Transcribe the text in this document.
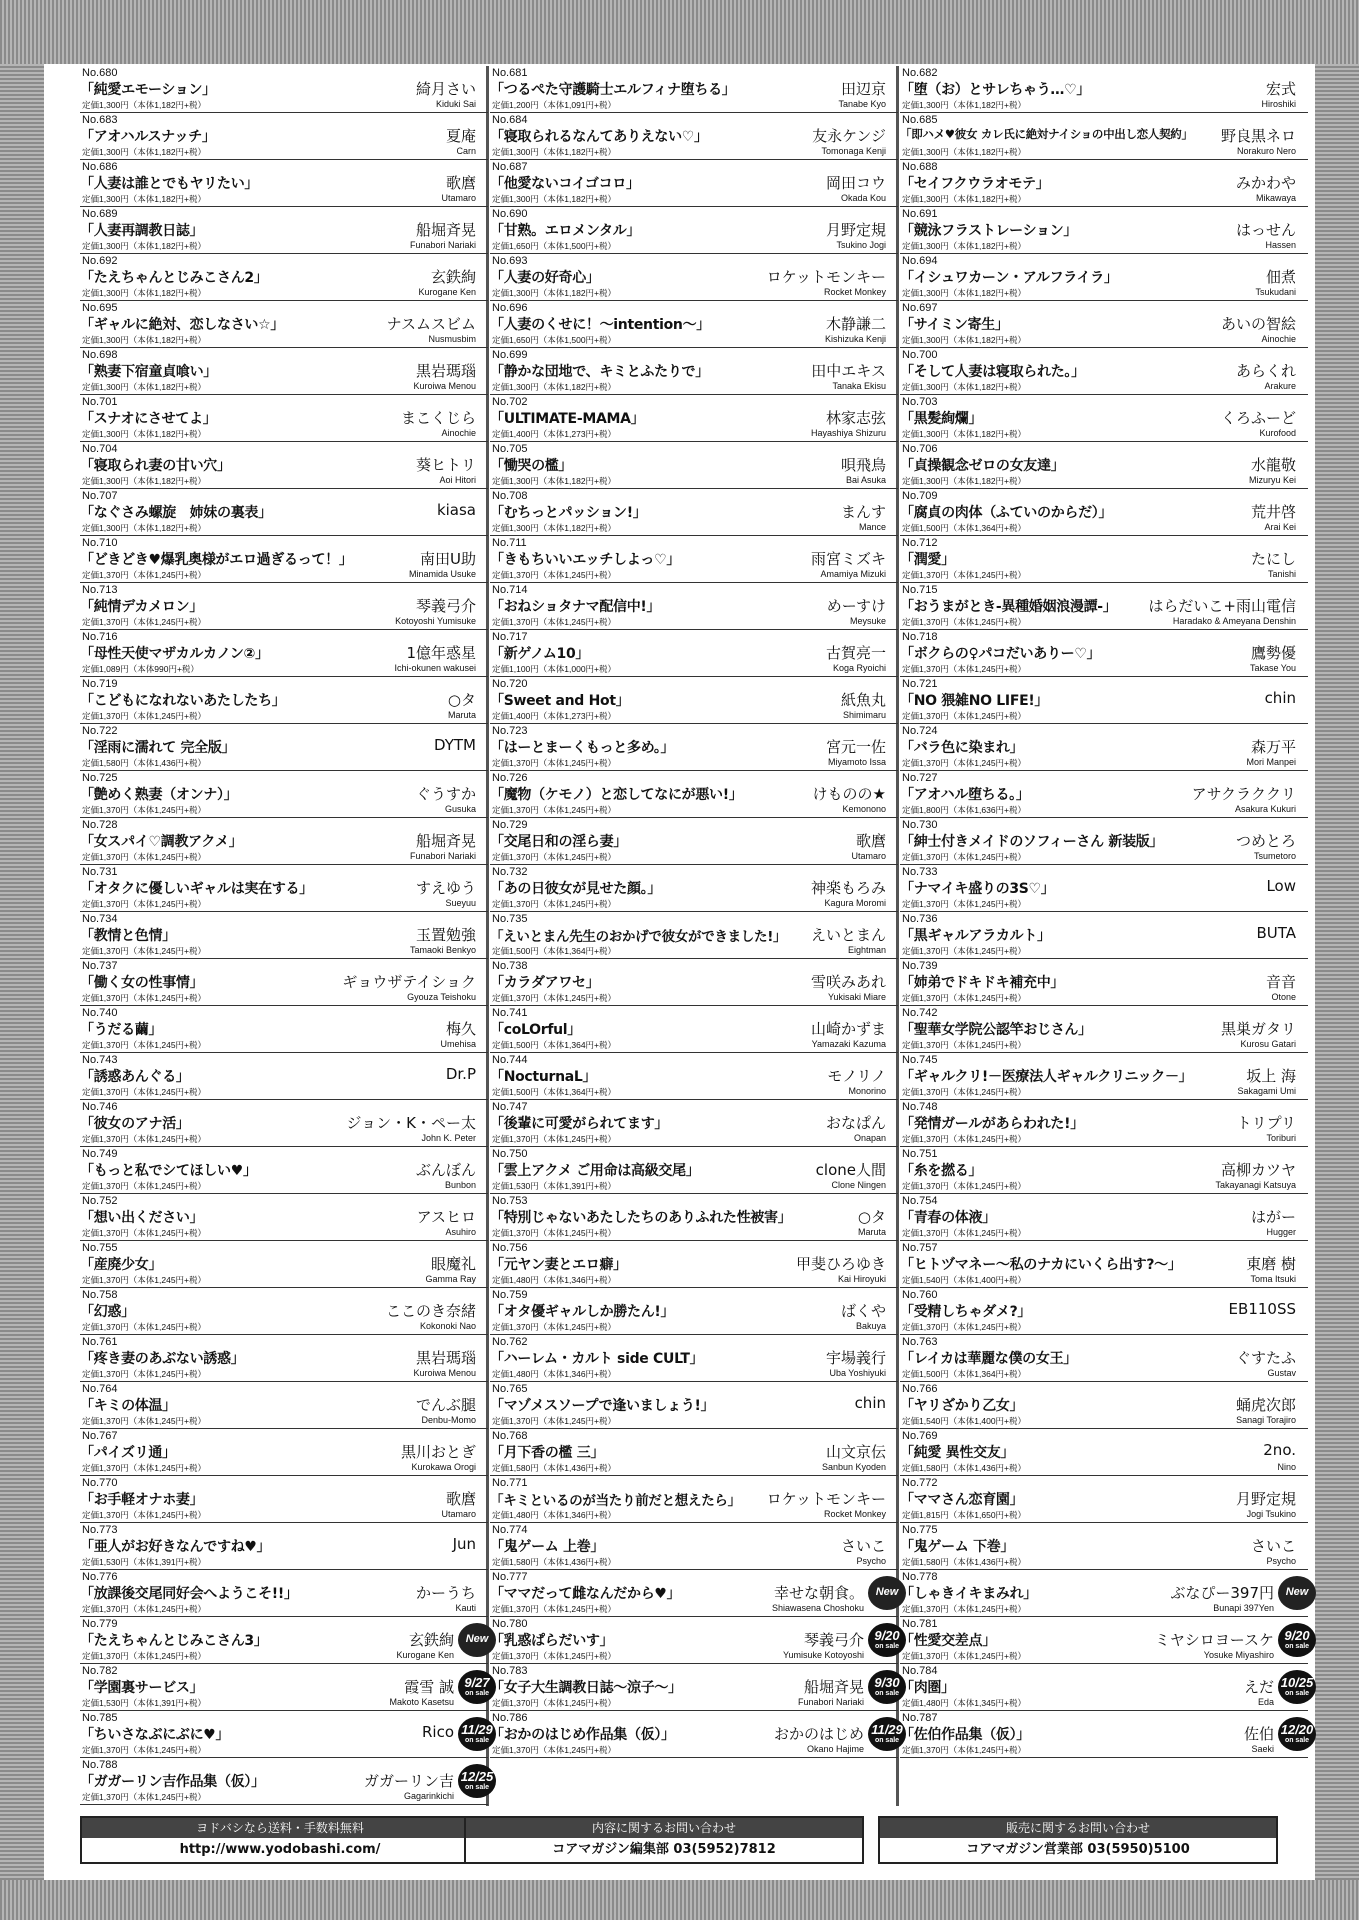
No.680
「純愛エモーション」
定価1,300円（本体1,182円+税）
綺月さい
Kiduki Sai
No.683
「アオハルスナッチ」
定価1,300円（本体1,182円+税）
夏庵
Carn
No.686
「人妻は誰とでもヤリたい」
定価1,300円（本体1,182円+税）
歌麿
Utamaro
No.689
「人妻再調教日誌」
定価1,300円（本体1,182円+税）
船堀斉晃
Funabori Nariaki
No.692
「たえちゃんとじみこさん2」
定価1,300円（本体1,182円+税）
玄鉄絢
Kurogane Ken
No.695
「ギャルに絶対、恋しなさい☆」
定価1,300円（本体1,182円+税）
ナスムスビム
Nusmusbim
No.698
「熟妻下宿童貞喰い」
定価1,300円（本体1,182円+税）
黒岩瑪瑙
Kuroiwa Menou
No.701
「スナオにさせてよ」
定価1,300円（本体1,182円+税）
まこくじら
Ainochie
No.704
「寝取られ妻の甘い穴」
定価1,300円（本体1,182円+税）
葵ヒトリ
Aoi Hitori
No.707
「なぐさみ螺旋　姉妹の裏表」
定価1,300円（本体1,182円+税）
kiasa
No.710
「どきどき♥爆乳奥様がエロ過ぎるって！」
定価1,370円（本体1,245円+税）
南田U助
Minamida Usuke
No.713
「純情デカメロン」
定価1,370円（本体1,245円+税）
琴義弓介
Kotoyoshi Yumisuke
No.716
「母性天使マザカルカノン②」
定価1,089円（本体990円+税）
1億年惑星
Ichi-okunen wakusei
No.719
「こどもになれないあたしたち」
定価1,370円（本体1,245円+税）
○タ
Maruta
No.722
「淫雨に濡れて 完全版」
定価1,580円（本体1,436円+税）
DYTM
No.725
「艶めく熟妻（オンナ）」
定価1,370円（本体1,245円+税）
ぐうすか
Gusuka
No.728
「女スパイ♡調教アクメ」
定価1,370円（本体1,245円+税）
船堀斉晃
Funabori Nariaki
No.731
「オタクに優しいギャルは実在する」
定価1,370円（本体1,245円+税）
すえゆう
Sueyuu
No.734
「教情と色情」
定価1,370円（本体1,245円+税）
玉置勉強
Tamaoki Benkyo
No.737
「働く女の性事情」
定価1,370円（本体1,245円+税）
ギョウザテイショク
Gyouza Teishoku
No.740
「うだる繭」
定価1,370円（本体1,245円+税）
梅久
Umehisa
No.743
「誘惑あんぐる」
定価1,370円（本体1,245円+税）
Dr.P
No.746
「彼女のアナ活」
定価1,370円（本体1,245円+税）
ジョン・K・ペー太
John K. Peter
No.749
「もっと私でシてほしい♥」
定価1,370円（本体1,245円+税）
ぶんぼん
Bunbon
No.752
「想い出ください」
定価1,370円（本体1,245円+税）
アスヒロ
Asuhiro
No.755
「産廃少女」
定価1,370円（本体1,245円+税）
眼魔礼
Gamma Ray
No.758
「幻惑」
定価1,370円（本体1,245円+税）
ここのき奈緒
Kokonoki Nao
No.761
「疼き妻のあぶない誘惑」
定価1,370円（本体1,245円+税）
黒岩瑪瑙
Kuroiwa Menou
No.764
「キミの体温」
定価1,370円（本体1,245円+税）
でんぶ腿
Denbu-Momo
No.767
「パイズリ通」
定価1,370円（本体1,245円+税）
黒川おとぎ
Kurokawa Orogi
No.770
「お手軽オナホ妻」
定価1,370円（本体1,245円+税）
歌麿
Utamaro
No.773
「亜人がお好きなんですね♥」
定価1,530円（本体1,391円+税）
Jun
No.776
「放課後交尾同好会へようこそ!!」
定価1,370円（本体1,245円+税）
かーうち
Kauti
No.779
「たえちゃんとじみこさん3」
定価1,370円（本体1,245円+税）
玄鉄絢
Kurogane Ken
New
No.782
「学園裏サービス」
定価1,530円（本体1,391円+税）
霞雪 誠
Makoto Kasetsu
9/27
on sale
No.785
「ちいさなぶにぶに♥」
定価1,370円（本体1,245円+税）
Rico 11/29
on sale
No.788
「ガガーリン吉作品集（仮）」
定価1,370円（本体1,245円+税）
ガガーリン吉
Gagarinkichi
12/25
on sale
No.681
「つるぺた守護騎士エルフィナ堕ちる」
定価1,200円（本体1,091円+税）
田辺京
Tanabe Kyo
No.684
「寝取られるなんてありえない♡」
定価1,300円（本体1,182円+税）
友永ケンジ
Tomonaga Kenji
No.687
「他愛ないコイゴコロ」
定価1,300円（本体1,182円+税）
岡田コウ
Okada Kou
No.690
「甘熟。エロメンタル」
定価1,650円（本体1,500円+税）
月野定規
Tsukino Jogi
No.693
「人妻の好奇心」
定価1,300円（本体1,182円+税）
ロケットモンキー
Rocket Monkey
No.696
「人妻のくせに！～intention～」
定価1,650円（本体1,500円+税）
木静謙二
Kishizuka Kenji
No.699
「静かな団地で、キミとふたりで」
定価1,300円（本体1,182円+税）
田中エキス
Tanaka Ekisu
No.702
「ULTIMATE-MAMA」
定価1,400円（本体1,273円+税）
林家志弦
Hayashiya Shizuru
No.705
「慟哭の檻」
定価1,300円（本体1,182円+税）
唄飛鳥
Bai Asuka
No.708
「むちっとパッション!」
定価1,300円（本体1,182円+税）
まんす
Mance
No.711
「きもちいいエッチしよっ♡」
定価1,370円（本体1,245円+税）
雨宮ミズキ
Amamiya Mizuki
No.714
「おねショタナマ配信中!」
定価1,370円（本体1,245円+税）
めーすけ
Meysuke
No.717
「新ゲノム10」
定価1,100円（本体1,000円+税）
古賀亮一
Koga Ryoichi
No.720
「Sweet and Hot」
定価1,400円（本体1,273円+税）
紙魚丸
Shimimaru
No.723
「はーとまーくもっと多め。」
定価1,370円（本体1,245円+税）
宮元一佐
Miyamoto Issa
No.726
「魔物（ケモノ）と恋してなにが悪い!」
定価1,370円（本体1,245円+税）
けものの★
Kemonono
No.729
「交尾日和の淫ら妻」
定価1,370円（本体1,245円+税）
歌麿
Utamaro
No.732
「あの日彼女が見せた顔。」
定価1,370円（本体1,245円+税）
神楽もろみ
Kagura Moromi
No.735
「えいとまん先生のおかげで彼女ができました!」
定価1,500円（本体1,364円+税）
えいとまん
Eightman
No.738
「カラダアワセ」
定価1,370円（本体1,245円+税）
雪咲みあれ
Yukisaki Miare
No.741
「coLOrful」
定価1,500円（本体1,364円+税）
山崎かずま
Yamazaki Kazuma
No.744
「NocturnaL」
定価1,500円（本体1,364円+税）
モノリノ
Monorino
No.747
「後輩に可愛がられてます」
定価1,370円（本体1,245円+税）
おなぱん
Onapan
No.750
「雲上アクメ ご用命は高級交尾」
定価1,530円（本体1,391円+税）
clone人間
Clone Ningen
No.753
「特別じゃないあたしたちのありふれた性被害」
定価1,370円（本体1,245円+税）
○タ
Maruta
No.756
「元ヤン妻とエロ癖」
定価1,480円（本体1,346円+税）
甲斐ひろゆき
Kai Hiroyuki
No.759
「オタ優ギャルしか勝たん!」
定価1,370円（本体1,245円+税）
ばくや
Bakuya
No.762
「ハーレム・カルト side CULT」
定価1,480円（本体1,346円+税）
宇場義行
Uba Yoshiyuki
No.765
「マゾメスソープで逢いましょう!」
定価1,370円（本体1,245円+税）
chin
No.768
「月下香の檻 三」
定価1,580円（本体1,436円+税）
山文京伝
Sanbun Kyoden
No.771
「キミといるのが当たり前だと想えたら」
定価1,480円（本体1,346円+税）
ロケットモンキー
Rocket Monkey
No.774
「鬼ゲーム 上巻」
定価1,580円（本体1,436円+税）
さいこ
Psycho
No.777
「ママだって雌なんだから♥」
定価1,370円（本体1,245円+税）
幸せな朝食。
Shiawasena Choshoku
New
No.780
「乳惑ぱらだいす」
定価1,370円（本体1,245円+税）
琴義弓介
Yumisuke Kotoyoshi
9/20
on sale
No.783
「女子大生調教日誌～涼子～」
定価1,370円（本体1,245円+税）
船堀斉晃
Funabori Nariaki
9/30
on sale
No.786
「おかのはじめ作品集（仮）」
定価1,370円（本体1,245円+税）
おかのはじめ
Okano Hajime
11/29
on sale
No.682
「堕（お）とサレちゃう…♡」
定価1,300円（本体1,182円+税）
宏式
Hiroshiki
No.685
「即ハメ♥彼女 カレ氏に絶対ナイショの中出し恋人契約」
定価1,300円（本体1,182円+税）
野良黒ネロ
Norakuro Nero
No.688
「セイフクウラオモテ」
定価1,300円（本体1,182円+税）
みかわや
Mikawaya
No.691
「競泳フラストレーション」
定価1,300円（本体1,182円+税）
はっせん
Hassen
No.694
「イシュワカーン・アルフライラ」
定価1,300円（本体1,182円+税）
佃煮
Tsukudani
No.697
「サイミン寄生」
定価1,300円（本体1,182円+税）
あいの智絵
Ainochie
No.700
「そして人妻は寝取られた。」
定価1,300円（本体1,182円+税）
あらくれ
Arakure
No.703
「黒髪絢爛」
定価1,300円（本体1,182円+税）
くろふーど
Kurofood
No.706
「貞操観念ゼロの女友達」
定価1,300円（本体1,182円+税）
水龍敬
Mizuryu Kei
No.709
「腐貞の肉体（ふていのからだ）」
定価1,500円（本体1,364円+税）
荒井啓
Arai Kei
No.712
「潤愛」
定価1,370円（本体1,245円+税）
たにし
Tanishi
No.715
「おうまがとき-異種婚姻浪漫譚-」
定価1,370円（本体1,245円+税）
はらだいこ+雨山電信
Haradako & Ameyana Denshin
No.718
「ボクらの♀パコだいありー♡」
定価1,370円（本体1,245円+税）
鷹勢優
Takase You
No.721
「NO 猥雑NO LIFE!」
定価1,370円（本体1,245円+税）
chin
No.724
「バラ色に染まれ」
定価1,370円（本体1,245円+税）
森万平
Mori Manpei
No.727
「アオハル堕ちる。」
定価1,800円（本体1,636円+税）
アサクラククリ
Asakura Kukuri
No.730
「紳士付きメイドのソフィーさん 新装版」
定価1,370円（本体1,245円+税）
つめとろ
Tsumetoro
No.733
「ナマイキ盛りの3S♡」
定価1,370円（本体1,245円+税）
Low
No.736
「黒ギャルアラカルト」
定価1,370円（本体1,245円+税）
BUTA
No.739
「姉弟でドキドキ補充中」
定価1,370円（本体1,245円+税）
音音
Otone
No.742
「聖華女学院公認竿おじさん」
定価1,370円（本体1,245円+税）
黒巣ガタリ
Kurosu Gatari
No.745
「ギャルクリ!－医療法人ギャルクリニック－」
定価1,370円（本体1,245円+税）
坂上 海
Sakagami Umi
No.748
「発情ガールがあらわれた!」
定価1,370円（本体1,245円+税）
トリプリ
Toriburi
No.751
「糸を撚る」
定価1,370円（本体1,245円+税）
高柳カツヤ
Takayanagi Katsuya
No.754
「青春の体液」
定価1,370円（本体1,245円+税）
はがー
Hugger
No.757
「ヒトヅマネー～私のナカにいくら出す?～」
定価1,540円（本体1,400円+税）
東磨 樹
Toma Itsuki
No.760
「受精しちゃダメ?」
定価1,370円（本体1,245円+税）
EB110SS
No.763
「レイカは華麗な僕の女王」
定価1,500円（本体1,364円+税）
ぐすたふ
Gustav
No.766
「ヤリざかり乙女」
定価1,540円（本体1,400円+税）
蛹虎次郎
Sanagi Torajiro
No.769
「純愛 異性交友」
定価1,580円（本体1,436円+税）
2no.
Nino
No.772
「ママさん恋育園」
定価1,815円（本体1,650円+税）
月野定規
Jogi Tsukino
No.775
「鬼ゲーム 下巻」
定価1,580円（本体1,436円+税）
さいこ
Psycho
No.778
「しゃきイキまみれ」
定価1,370円（本体1,245円+税）
ぶなぴー397円
Bunapi 397Yen
New
No.781
「性愛交差点」
定価1,370円（本体1,245円+税）
ミヤシロヨースケ
Yosuke Miyashiro
9/20
on sale
No.784
「肉圏」
定価1,480円（本体1,345円+税）
えだ
Eda
10/25
on sale
No.787
「佐伯作品集（仮）」
定価1,370円（本体1,245円+税）
佐伯
Saeki
12/20
on sale
ヨドバシなら送料・手数料無料
http://www.yodobashi.com/
内容に関するお問い合わせ
コアマガジン編集部 03(5952)7812
販売に関するお問い合わせ
コアマガジン営業部 03(5950)5100
